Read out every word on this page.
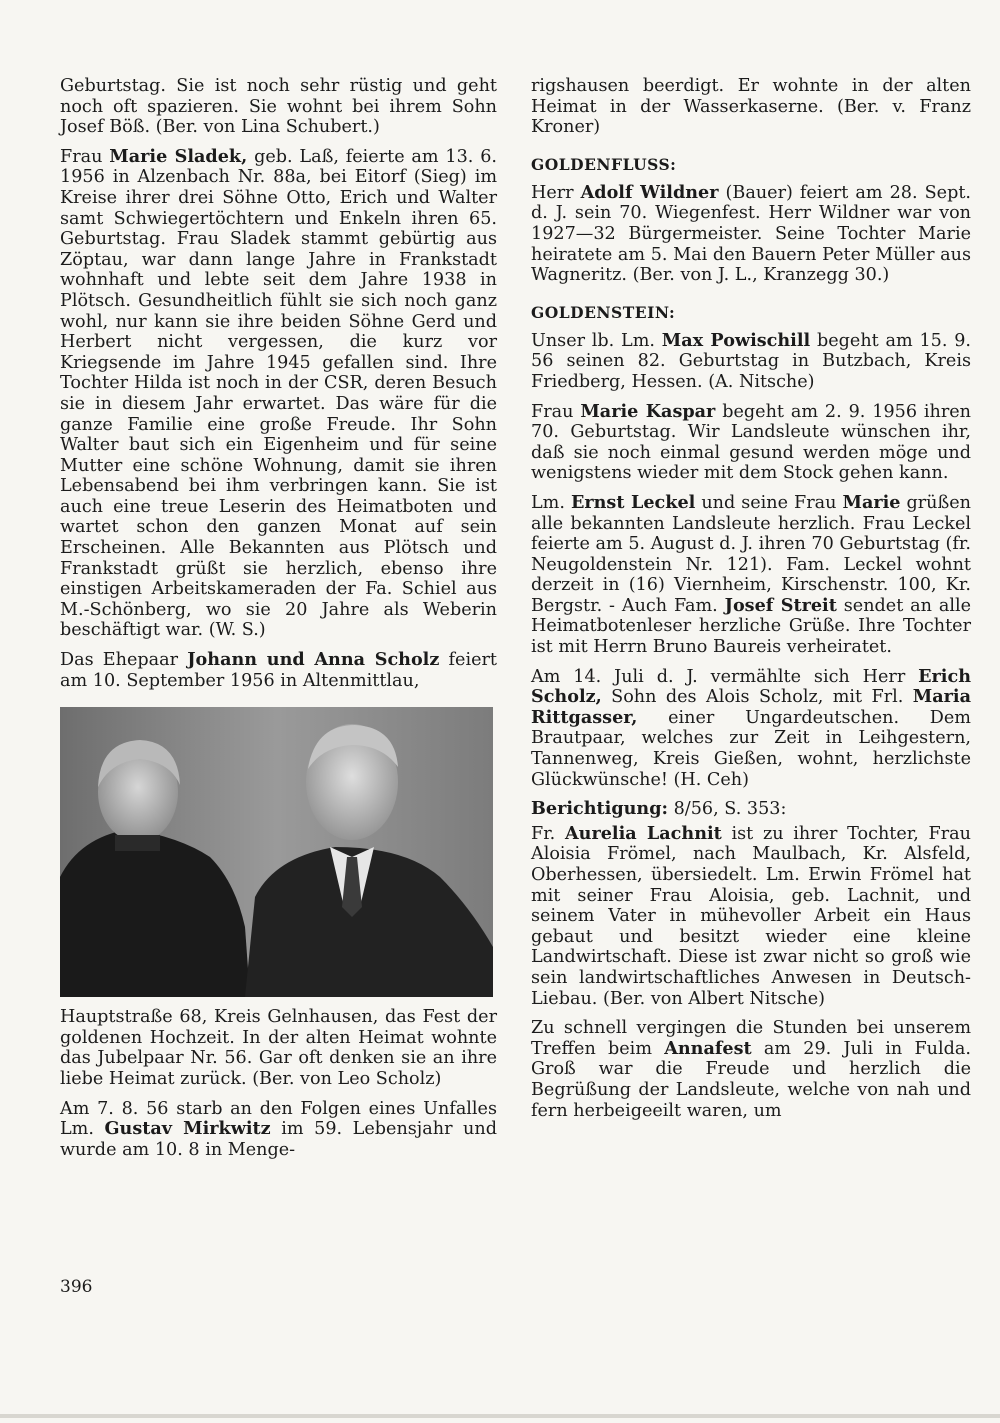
Geburtstag. Sie ist noch sehr rüstig und geht noch oft spazieren. Sie wohnt bei ihrem Sohn Josef Böß. (Ber. von Lina Schubert.)

Frau Marie Sladek, geb. Laß, feierte am 13. 6. 1956 in Alzenbach Nr. 88a, bei Eitorf (Sieg) im Kreise ihrer drei Söhne Otto, Erich und Walter samt Schwiegertöchtern und Enkeln ihren 65. Geburtstag. Frau Sladek stammt gebürtig aus Zöptau, war dann lange Jahre in Frankstadt wohnhaft und lebte seit dem Jahre 1938 in Plötsch. Gesundheitlich fühlt sie sich noch ganz wohl, nur kann sie ihre beiden Söhne Gerd und Herbert nicht vergessen, die kurz vor Kriegsende im Jahre 1945 gefallen sind. Ihre Tochter Hilda ist noch in der CSR, deren Besuch sie in diesem Jahr erwartet. Das wäre für die ganze Familie eine große Freude. Ihr Sohn Walter baut sich ein Eigenheim und für seine Mutter eine schöne Wohnung, damit sie ihren Lebensabend bei ihm verbringen kann. Sie ist auch eine treue Leserin des Heimatboten und wartet schon den ganzen Monat auf sein Erscheinen. Alle Bekannten aus Plötsch und Frankstadt grüßt sie herzlich, ebenso ihre einstigen Arbeitskameraden der Fa. Schiel aus M.-Schönberg, wo sie 20 Jahre als Weberin beschäftigt war. (W. S.)

Das Ehepaar Johann und Anna Scholz feiert am 10. September 1956 in Altenmittlau,

Hauptstraße 68, Kreis Gelnhausen, das Fest der goldenen Hochzeit. In der alten Heimat wohnte das Jubelpaar Nr. 56. Gar oft denken sie an ihre liebe Heimat zurück. (Ber. von Leo Scholz)

Am 7. 8. 56 starb an den Folgen eines Unfalles Lm. Gustav Mirkwitz im 59. Lebensjahr und wurde am 10. 8 in Menge-

rigshausen beerdigt. Er wohnte in der alten Heimat in der Wasserkaserne. (Ber. v. Franz Kroner)

GOLDENFLUSS:

Herr Adolf Wildner (Bauer) feiert am 28. Sept. d. J. sein 70. Wiegenfest. Herr Wildner war von 1927—32 Bürgermeister. Seine Tochter Marie heiratete am 5. Mai den Bauern Peter Müller aus Wagneritz. (Ber. von J. L., Kranzegg 30.)

GOLDENSTEIN:

Unser lb. Lm. Max Powischill begeht am 15. 9. 56 seinen 82. Geburtstag in Butzbach, Kreis Friedberg, Hessen. (A. Nitsche)

Frau Marie Kaspar begeht am 2. 9. 1956 ihren 70. Geburtstag. Wir Landsleute wünschen ihr, daß sie noch einmal gesund werden möge und wenigstens wieder mit dem Stock gehen kann.

Lm. Ernst Leckel und seine Frau Marie grüßen alle bekannten Landsleute herzlich. Frau Leckel feierte am 5. August d. J. ihren 70 Geburtstag (fr. Neugoldenstein Nr. 121). Fam. Leckel wohnt derzeit in (16) Viernheim, Kirschenstr. 100, Kr. Bergstr. - Auch Fam. Josef Streit sendet an alle Heimatbotenleser herzliche Grüße. Ihre Tochter ist mit Herrn Bruno Baureis verheiratet.

Am 14. Juli d. J. vermählte sich Herr Erich Scholz, Sohn des Alois Scholz, mit Frl. Maria Rittgasser, einer Ungardeutschen. Dem Brautpaar, welches zur Zeit in Leihgestern, Tannenweg, Kreis Gießen, wohnt, herzlichste Glückwünsche! (H. Ceh)

Berichtigung: 8/56, S. 353:

Fr. Aurelia Lachnit ist zu ihrer Tochter, Frau Aloisia Frömel, nach Maulbach, Kr. Alsfeld, Oberhessen, übersiedelt. Lm. Erwin Frömel hat mit seiner Frau Aloisia, geb. Lachnit, und seinem Vater in mühevoller Arbeit ein Haus gebaut und besitzt wieder eine kleine Landwirtschaft. Diese ist zwar nicht so groß wie sein landwirtschaftliches Anwesen in Deutsch-Liebau. (Ber. von Albert Nitsche)

Zu schnell vergingen die Stunden bei unserem Treffen beim Annafest am 29. Juli in Fulda. Groß war die Freude und herzlich die Begrüßung der Landsleute, welche von nah und fern herbeigeeilt waren, um

396
